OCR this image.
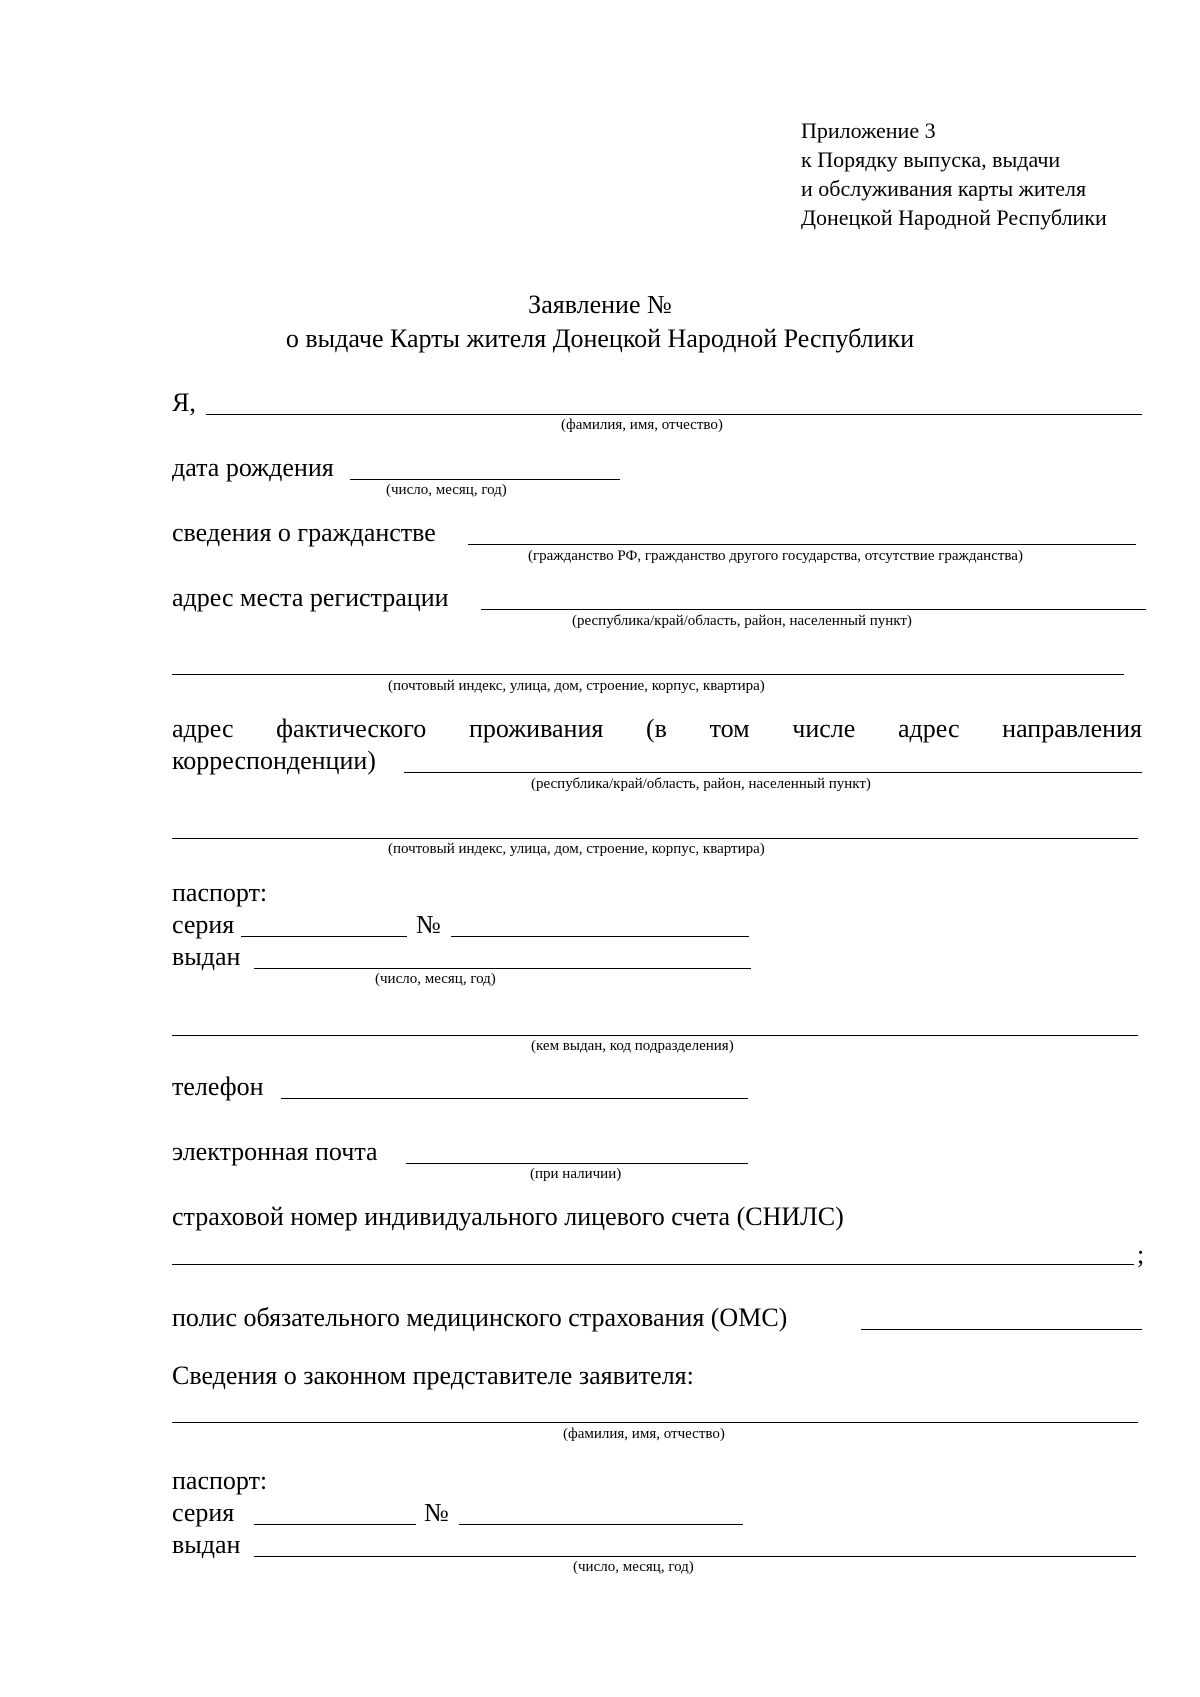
Приложение 3
к Порядку выпуска, выдачи
и обслуживания карты жителя
Донецкой Народной Республики
Заявление №
о выдаче Карты жителя Донецкой Народной Республики
Я,
(фамилия, имя, отчество)
дата рождения
(число, месяц, год)
сведения о гражданстве
(гражданство РФ, гражданство другого государства, отсутствие гражданства)
адрес места регистрации
(республика/край/область, район, населенный пункт)
(почтовый индекс, улица, дом, строение, корпус, квартира)
адрес фактического проживания (в том числе адрес направления
корреспонденции)
(республика/край/область, район, населенный пункт)
(почтовый индекс, улица, дом, строение, корпус, квартира)
паспорт:
серия	№
выдан
(число, месяц, год)
(кем выдан, код подразделения)
телефон
электронная почта
(при наличии)
страховой номер индивидуального лицевого счета (СНИЛС)
;
полис обязательного медицинского страхования (ОМС)
Сведения о законном представителе заявителя:
(фамилия, имя, отчество)
паспорт:
серия	№
выдан
(число, месяц, год)
